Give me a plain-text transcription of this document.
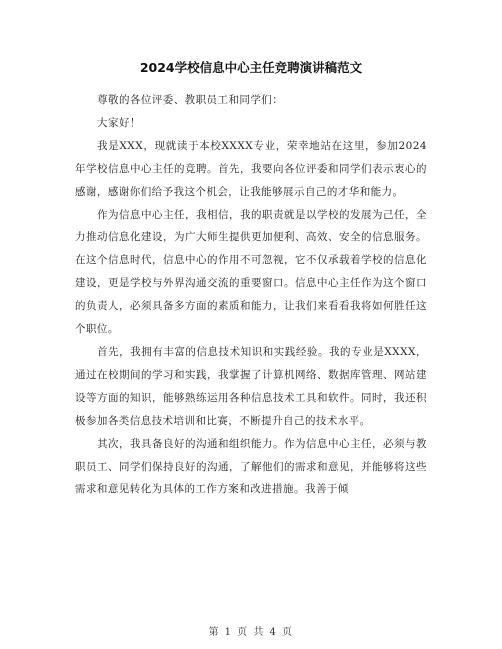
2024学校信息中心主任竞聘演讲稿范文

尊敬的各位评委、教职员工和同学们：

大家好！

我是XXX，现就读于本校XXXX专业，荣幸地站在这里，参加2024年学校信息中心主任的竞聘。首先，我要向各位评委和同学们表示衷心的感谢，感谢你们给予我这个机会，让我能够展示自己的才华和能力。

作为信息中心主任，我相信，我的职责就是以学校的发展为己任，全力推动信息化建设，为广大师生提供更加便利、高效、安全的信息服务。在这个信息时代，信息中心的作用不可忽视，它不仅承载着学校的信息化建设，更是学校与外界沟通交流的重要窗口。信息中心主任作为这个窗口的负责人，必须具备多方面的素质和能力，让我们来看看我将如何胜任这个职位。

首先，我拥有丰富的信息技术知识和实践经验。我的专业是XXXX，通过在校期间的学习和实践，我掌握了计算机网络、数据库管理、网站建设等方面的知识，能够熟练运用各种信息技术工具和软件。同时，我还积极参加各类信息技术培训和比赛，不断提升自己的技术水平。

其次，我具备良好的沟通和组织能力。作为信息中心主任，必须与教职员工、同学们保持良好的沟通，了解他们的需求和意见，并能够将这些需求和意见转化为具体的工作方案和改进措施。我善于倾

第 1 页 共 4 页
